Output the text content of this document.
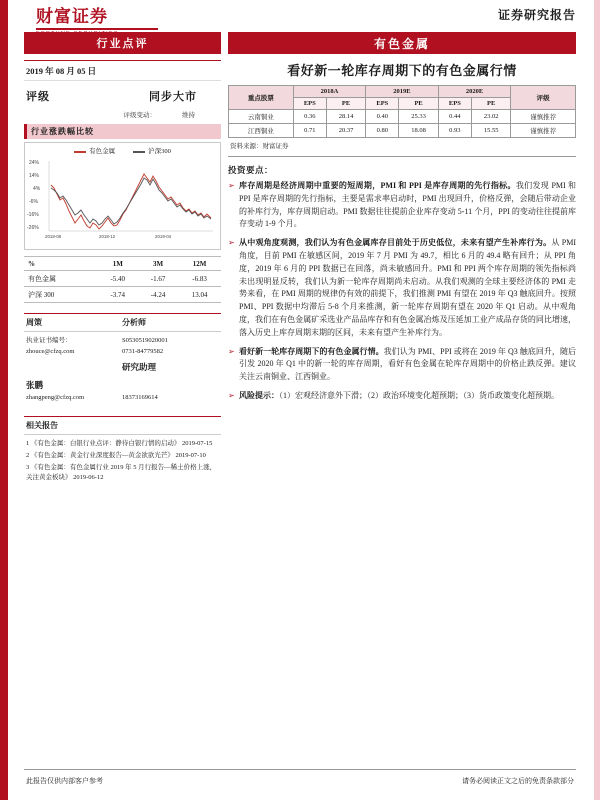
财富证券	证券研究报告
行业点评	有色金属
2019 年 08 月 05 日
评级	同步大市
评级变动：	维持
行业涨跌幅比较
有色金属	沪深300
24%
14%
4%
-6%
-16%
-26%
2018-08	2018-12	2019-04
%	1M	3M	12M
有色金属	-5.40	-1.67	-6.83
沪深 300	-3.74	-4.24	13.04
周策	分析师
执业证书编号：	S0530519020001
zhouce@cfzq.com	0731-84779582

研究助理
张鹏

zhangpeng@cfzq.com	18373169614
相关报告
1 《有色金属：白银行业点评：静待白银行情的启动》 2019-07-15
2 《有色金属：黄金行业深度报告—黄金欲欲光芒》 2019-07-10
3 《有色金属：有色金属行业 2019 年 5 月行报告—稀土价格上涨，关注黄金板块》 2019-06-12
看好新一轮库存周期下的有色金属行情
重点股票	2018A		2019E		2020E		评级
	EPS	PE	EPS	PE	EPS	PE	
云南铜业	0.36	28.14	0.40	25.33	0.44	23.02	谨慎推荐
江西铜业	0.71	20.37	0.80	18.08	0.93	15.55	谨慎推荐
资料来源：财富证券
投资要点：
➢ 库存周期是经济周期中重要的短周期，PMI 和 PPI 是库存周期的先行指标。我们发现 PMI 和 PPI 是库存周期的先行指标，主要是需求率启动时，PMI 出现回升，价格反弹，会随后带动企业的补库行为，库存周期启动。PMI 数据往往提前企业库存变动 5-11 个月，PPI 的变动往往提前库存变动 1-9 个月。
➢ 从中观角度观测，我们认为有色金属库存目前处于历史低位，未来有望产生补库行为。从 PMI 角度，目前 PMI 在敏感区间，2019 年 7 月 PMI 为 49.7，相比 6 月的 49.4 略有回升；从 PPI 角度，2019 年 6 月的 PPI 数据已在回落，尚未敏感回升。PMI 和 PPI 两个库存周期的领先指标尚未出现明显反转，我们认为新一轮库存周期尚未启动。从我们观测的全球主要经济体的 PMI 走势来看，在 PMI 周期的规律仍有效的前提下，我们推测 PMI 有望在 2019 年 Q3 触底回升。按照 PMI、PPI 数据中均滞后 5-8 个月来推测，新一轮库存周期有望在 2020 年 Q1 启动。从中观角度，我们在有色金属矿采选业产品品库存和有色金属冶炼及压延加工业产成品存货的同比增速，落入历史上库存周期末期的区间，未来有望产生补库行为。
➢ 看好新一轮库存周期下的有色金属行情。我们认为 PMI、PPI 或将在 2019 年 Q3 触底回升，随后引发 2020 年 Q1 中的新一轮的库存周期，看好有色金属在轮库存周期中的价格止跌反弹。建议关注云南铜业、江西铜业。
➢ 风险提示：（1）宏观经济意外下滑；（2）政治环境变化超预期；（3）货币政策变化超预期。
此报告仅供内部客户参考	请务必阅读正文之后的免责条款部分
